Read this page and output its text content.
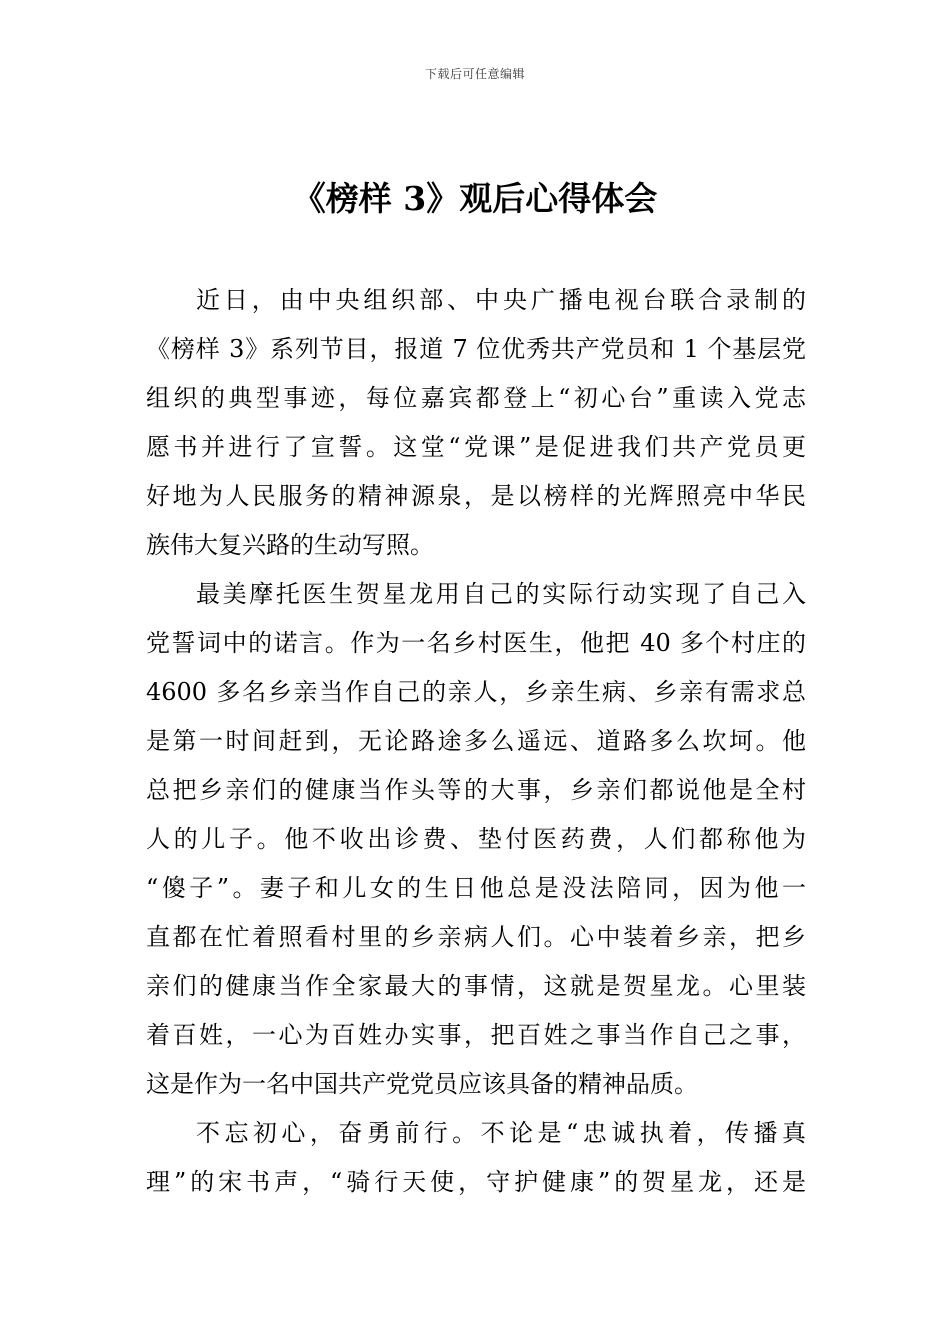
下载后可任意编辑
《榜样 3》观后心得体会
近日，由中央组织部、中央广播电视台联合录制的
《榜样 3》系列节目，报道 7 位优秀共产党员和 1 个基层党
组织的典型事迹，每位嘉宾都登上“初心台”重读入党志
愿书并进行了宣誓。这堂“党课”是促进我们共产党员更
好地为人民服务的精神源泉，是以榜样的光辉照亮中华民
族伟大复兴路的生动写照。
最美摩托医生贺星龙用自己的实际行动实现了自己入
党誓词中的诺言。作为一名乡村医生，他把 40 多个村庄的
4600 多名乡亲当作自己的亲人，乡亲生病、乡亲有需求总
是第一时间赶到，无论路途多么遥远、道路多么坎坷。他
总把乡亲们的健康当作头等的大事，乡亲们都说他是全村
人的儿子。他不收出诊费、垫付医药费，人们都称他为
“傻子”。妻子和儿女的生日他总是没法陪同，因为他一
直都在忙着照看村里的乡亲病人们。心中装着乡亲，把乡
亲们的健康当作全家最大的事情，这就是贺星龙。心里装
着百姓，一心为百姓办实事，把百姓之事当作自己之事，
这是作为一名中国共产党党员应该具备的精神品质。
不忘初心，奋勇前行。不论是“忠诚执着，传播真
理”的宋书声，“骑行天使，守护健康”的贺星龙，还是
